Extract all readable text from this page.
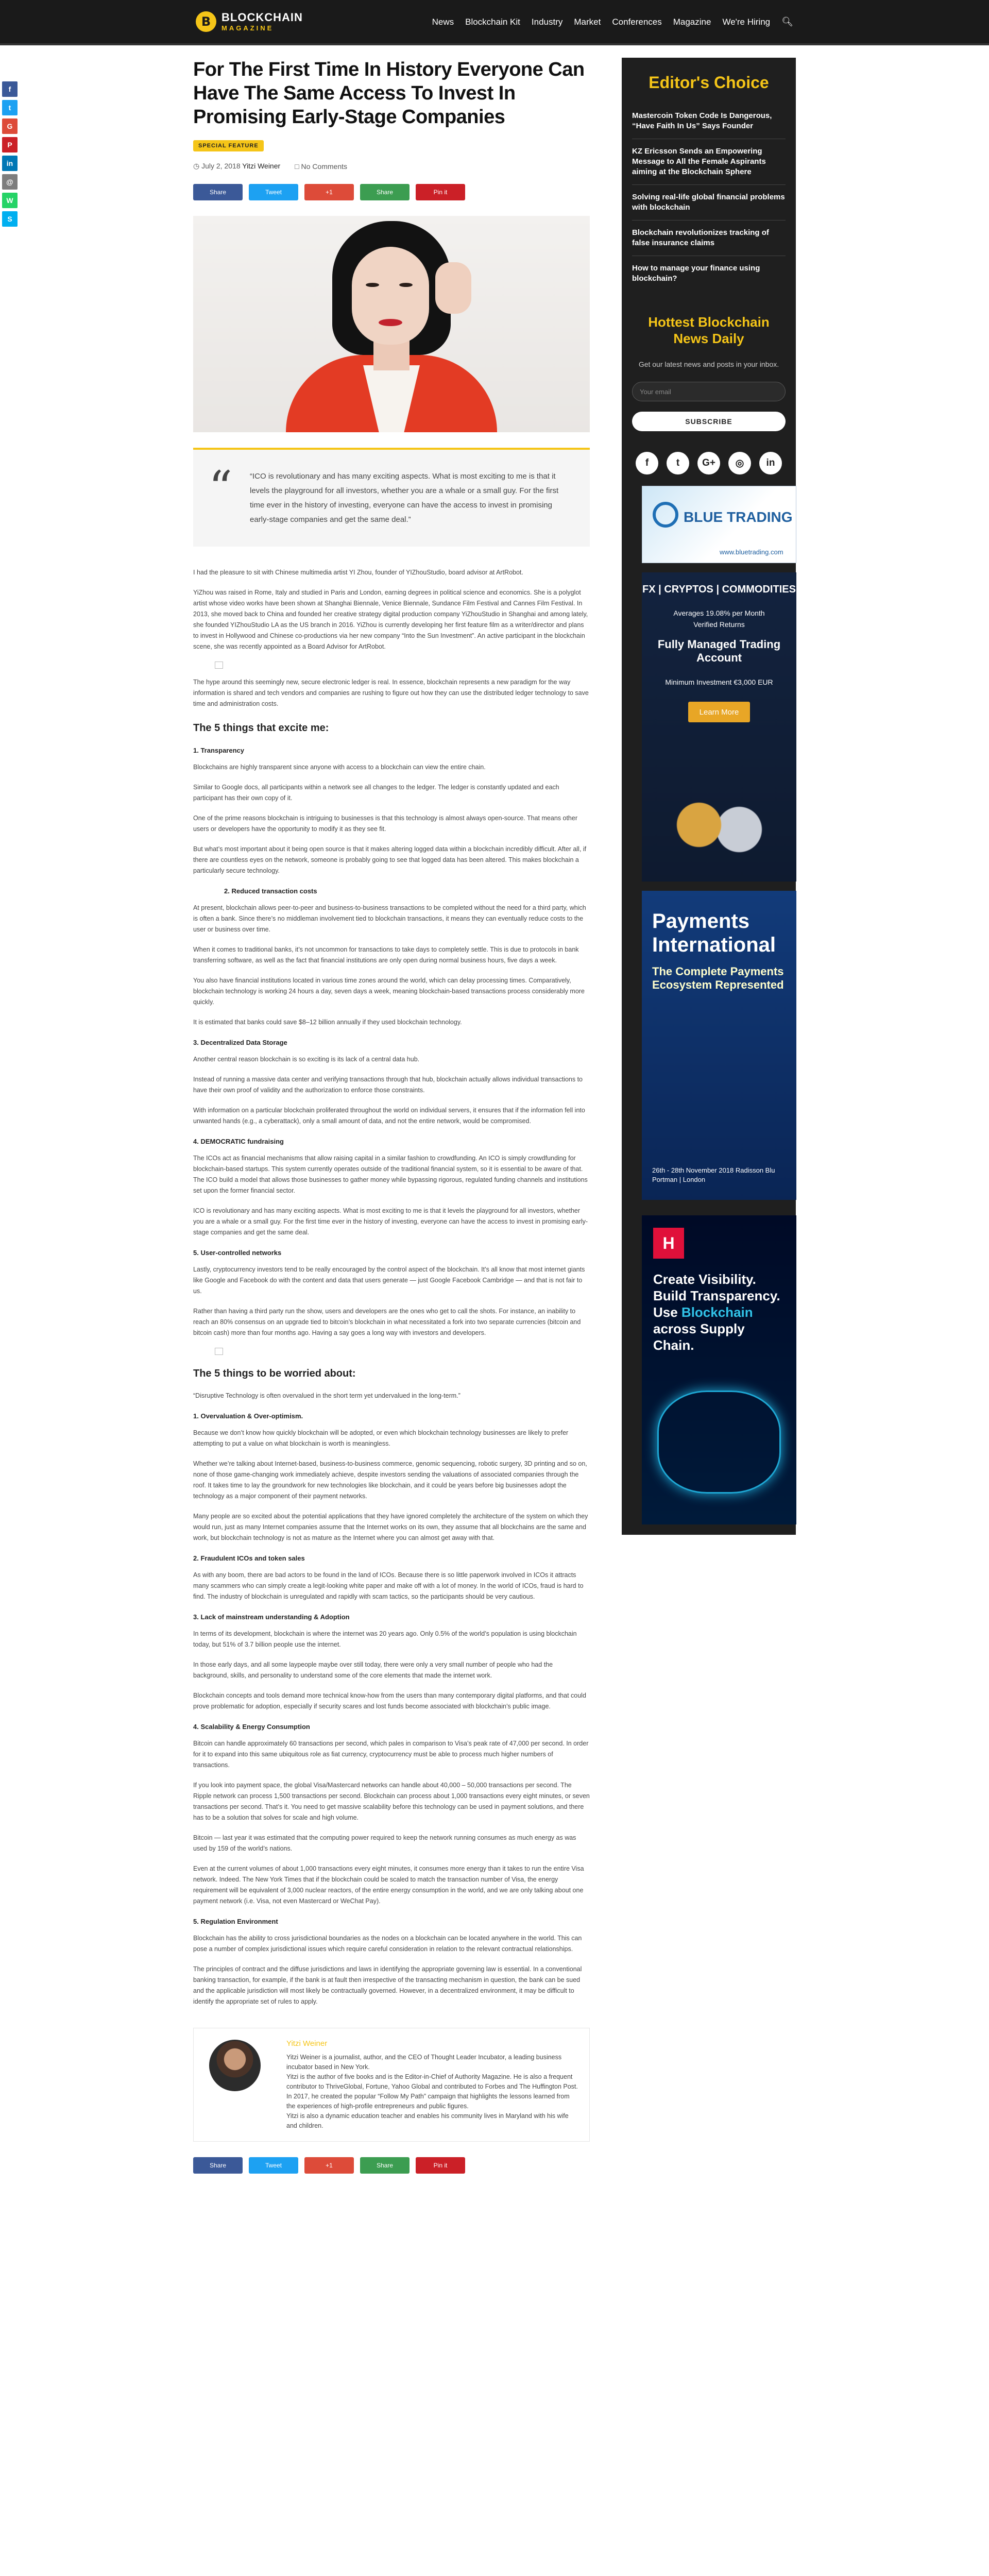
B BLOCKCHAIN
MAGAZINE
News Blockchain Kit Industry Market Conferences Magazine We're Hiring 🔍︎
f
t
G
P
in
@
W
S
For The First Time In History Everyone Can Have The Same Access To Invest In Promising Early-Stage Companies
SPECIAL FEATURE
◷ July 2, 2018 Yitzi Weiner □ No Comments
Share	Tweet	+1	Share	Pin it
“ “ICO is revolutionary and has many exciting aspects. What is most exciting to me is that it levels the playground for all investors, whether you are a whale or a small guy. For the first time ever in the history of investing, everyone can have the access to invest in promising early-stage companies and get the same deal.”

I had the pleasure to sit with Chinese multimedia artist YI Zhou, founder of YIZhouStudio, board advisor at ArtRobot.

YiZhou was raised in Rome, Italy and studied in Paris and London, earning degrees in political science and economics. She is a polyglot artist whose video works have been shown at Shanghai Biennale, Venice Biennale, Sundance Film Festival and Cannes Film Festival. In 2013, she moved back to China and founded her creative strategy digital production company YiZhouStudio in Shanghai and among lately, she founded YIZhouStudio LA as the US branch in 2016. YiZhou is currently developing her first feature film as a writer/director and plans to invest in Hollywood and Chinese co-productions via her new company “Into the Sun Investment”. An active participant in the blockchain scene, she was recently appointed as a Board Advisor for ArtRobot.

The hype around this seemingly new, secure electronic ledger is real. In essence, blockchain represents a new paradigm for the way information is shared and tech vendors and companies are rushing to figure out how they can use the distributed ledger technology to save time and administration costs.

The 5 things that excite me:
1. Transparency

Blockchains are highly transparent since anyone with access to a blockchain can view the entire chain.

Similar to Google docs, all participants within a network see all changes to the ledger. The ledger is constantly updated and each participant has their own copy of it.

One of the prime reasons blockchain is intriguing to businesses is that this technology is almost always open-source. That means other users or developers have the opportunity to modify it as they see fit.

But what’s most important about it being open source is that it makes altering logged data within a blockchain incredibly difficult. After all, if there are countless eyes on the network, someone is probably going to see that logged data has been altered. This makes blockchain a particularly secure technology.

2. Reduced transaction costs

At present, blockchain allows peer-to-peer and business-to-business transactions to be completed without the need for a third party, which is often a bank. Since there’s no middleman involvement tied to blockchain transactions, it means they can eventually reduce costs to the user or business over time.

When it comes to traditional banks, it’s not uncommon for transactions to take days to completely settle. This is due to protocols in bank transferring software, as well as the fact that financial institutions are only open during normal business hours, five days a week.

You also have financial institutions located in various time zones around the world, which can delay processing times. Comparatively, blockchain technology is working 24 hours a day, seven days a week, meaning blockchain-based transactions process considerably more quickly.

It is estimated that banks could save $8–12 billion annually if they used blockchain technology.

3. Decentralized Data Storage

Another central reason blockchain is so exciting is its lack of a central data hub.

Instead of running a massive data center and verifying transactions through that hub, blockchain actually allows individual transactions to have their own proof of validity and the authorization to enforce those constraints.

With information on a particular blockchain proliferated throughout the world on individual servers, it ensures that if the information fell into unwanted hands (e.g., a cyberattack), only a small amount of data, and not the entire network, would be compromised.

4. DEMOCRATIC fundraising

The ICOs act as financial mechanisms that allow raising capital in a similar fashion to crowdfunding. An ICO is simply crowdfunding for blockchain-based startups. This system currently operates outside of the traditional financial system, so it is essential to be aware of that. The ICO build a model that allows those businesses to gather money while bypassing rigorous, regulated funding channels and institutions set upon the former financial sector.

ICO is revolutionary and has many exciting aspects. What is most exciting to me is that it levels the playground for all investors, whether you are a whale or a small guy. For the first time ever in the history of investing, everyone can have the access to invest in promising early-stage companies and get the same deal.

5. User-controlled networks

Lastly, cryptocurrency investors tend to be really encouraged by the control aspect of the blockchain. It’s all know that most internet giants like Google and Facebook do with the content and data that users generate — just Google Facebook Cambridge — and that is not fair to us.

Rather than having a third party run the show, users and developers are the ones who get to call the shots. For instance, an inability to reach an 80% consensus on an upgrade tied to bitcoin’s blockchain in what necessitated a fork into two separate currencies (bitcoin and bitcoin cash) more than four months ago. Having a say goes a long way with investors and developers.

The 5 things to be worried about:

“Disruptive Technology is often overvalued in the short term yet undervalued in the long-term.”

1. Overvaluation & Over-optimism.

Because we don’t know how quickly blockchain will be adopted, or even which blockchain technology businesses are likely to prefer attempting to put a value on what blockchain is worth is meaningless.

Whether we’re talking about Internet-based, business-to-business commerce, genomic sequencing, robotic surgery, 3D printing and so on, none of those game-changing work immediately achieve, despite investors sending the valuations of associated companies through the roof. It takes time to lay the groundwork for new technologies like blockchain, and it could be years before big businesses adopt the technology as a major component of their payment networks.

Many people are so excited about the potential applications that they have ignored completely the architecture of the system on which they would run, just as many Internet companies assume that the Internet works on its own, they assume that all blockchains are the same and work, but blockchain technology is not as mature as the Internet where you can almost get away with that.

2. Fraudulent ICOs and token sales

As with any boom, there are bad actors to be found in the land of ICOs. Because there is so little paperwork involved in ICOs it attracts many scammers who can simply create a legit-looking white paper and make off with a lot of money. In the world of ICOs, fraud is hard to find. The industry of blockchain is unregulated and rapidly with scam tactics, so the participants should be very cautious.

3. Lack of mainstream understanding & Adoption

In terms of its development, blockchain is where the internet was 20 years ago. Only 0.5% of the world’s population is using blockchain today, but 51% of 3.7 billion people use the internet.

In those early days, and all some laypeople maybe over still today, there were only a very small number of people who had the background, skills, and personality to understand some of the core elements that made the internet work.

Blockchain concepts and tools demand more technical know-how from the users than many contemporary digital platforms, and that could prove problematic for adoption, especially if security scares and lost funds become associated with blockchain’s public image.

4. Scalability & Energy Consumption

Bitcoin can handle approximately 60 transactions per second, which pales in comparison to Visa’s peak rate of 47,000 per second. In order for it to expand into this same ubiquitous role as fiat currency, cryptocurrency must be able to process much higher numbers of transactions.

If you look into payment space, the global Visa/Mastercard networks can handle about 40,000 – 50,000 transactions per second. The Ripple network can process 1,500 transactions per second. Blockchain can process about 1,000 transactions every eight minutes, or seven transactions per second. That’s it. You need to get massive scalability before this technology can be used in payment solutions, and there has to be a solution that solves for scale and high volume.

Bitcoin — last year it was estimated that the computing power required to keep the network running consumes as much energy as was used by 159 of the world’s nations.

Even at the current volumes of about 1,000 transactions every eight minutes, it consumes more energy than it takes to run the entire Visa network. Indeed. The New York Times that if the blockchain could be scaled to match the transaction number of Visa, the energy requirement will be equivalent of 3,000 nuclear reactors, of the entire energy consumption in the world, and we are only talking about one payment network (i.e. Visa, not even Mastercard or WeChat Pay).

5. Regulation Environment

Blockchain has the ability to cross jurisdictional boundaries as the nodes on a blockchain can be located anywhere in the world. This can pose a number of complex jurisdictional issues which require careful consideration in relation to the relevant contractual relationships.

The principles of contract and the diffuse jurisdictions and laws in identifying the appropriate governing law is essential. In a conventional banking transaction, for example, if the bank is at fault then irrespective of the transacting mechanism in question, the bank can be sued and the applicable jurisdiction will most likely be contractually governed. However, in a decentralized environment, it may be difficult to identify the appropriate set of rules to apply.

Yitzi Weiner

Yitzi Weiner is a journalist, author, and the CEO of Thought Leader Incubator, a leading business incubator based in New York.

Yitzi is the author of five books and is the Editor-in-Chief of Authority Magazine. He is also a frequent contributor to ThriveGlobal, Fortune, Yahoo Global and contributed to Forbes and The Huffington Post. In 2017, he created the popular “Follow My Path” campaign that highlights the lessons learned from the experiences of high-profile entrepreneurs and public figures.

Yitzi is also a dynamic education teacher and enables his community lives in Maryland with his wife and children.

Share	Tweet	+1	Share	Pin it
Editor's Choice
Mastercoin Token Code Is Dangerous, “Have Faith In Us” Says Founder
KZ Ericsson Sends an Empowering Message to All the Female Aspirants aiming at the Blockchain Sphere
Solving real-life global financial problems with blockchain
Blockchain revolutionizes tracking of false insurance claims
How to manage your finance using blockchain?
Hottest Blockchain News Daily
Get our latest news and posts in your inbox.
Your email
SUBSCRIBE
f	t	G+	◎	in
BLUE TRADING
www.bluetrading.com
FX | CRYPTOS | COMMODITIES
Averages 19.08% per Month
Verified Returns
Fully Managed Trading Account
Minimum Investment €3,000 EUR
Learn More
Payments International
The Complete Payments Ecosystem Represented
26th - 28th November 2018 Radisson Blu Portman | London
H
Create Visibility. Build Transparency. Use Blockchain across Supply Chain.
